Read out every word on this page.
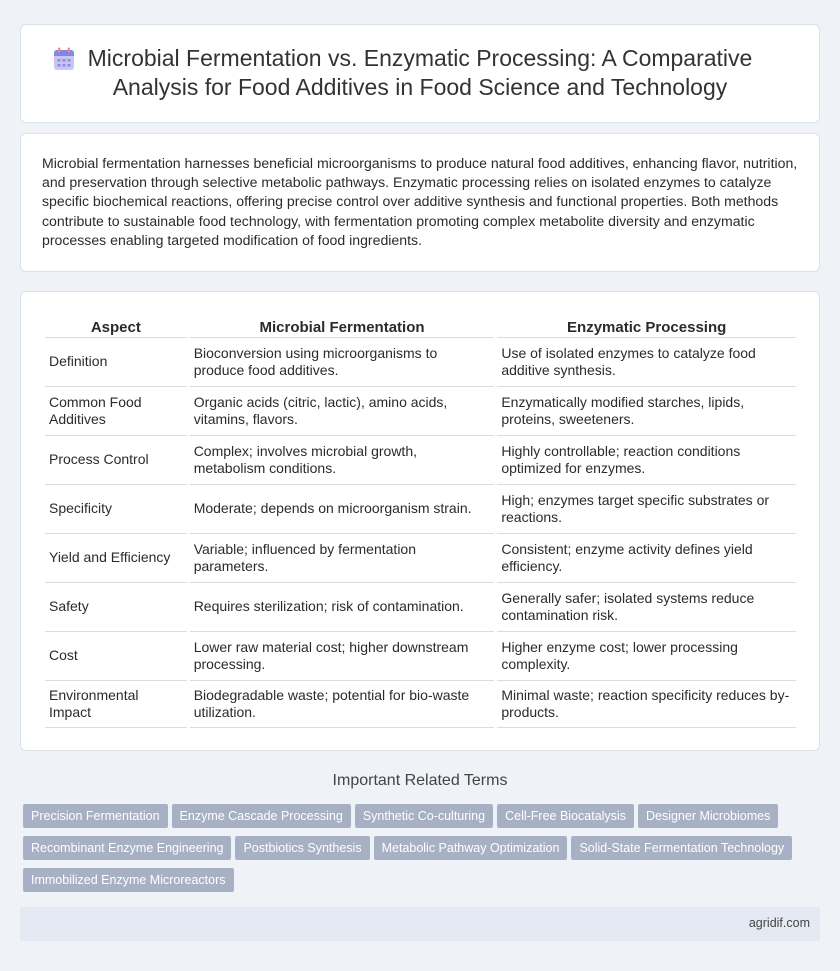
Microbial Fermentation vs. Enzymatic Processing: A Comparative
Analysis for Food Additives in Food Science and Technology

Microbial fermentation harnesses beneficial microorganisms to produce natural food additives, enhancing flavor, nutrition, and preservation through selective metabolic pathways. Enzymatic processing relies on isolated enzymes to catalyze specific biochemical reactions, offering precise control over additive synthesis and functional properties. Both methods contribute to sustainable food technology, with fermentation promoting complex metabolite diversity and enzymatic processes enabling targeted modification of food ingredients.

Aspect	Microbial Fermentation	Enzymatic Processing
Definition	Bioconversion using microorganisms to produce food additives.	Use of isolated enzymes to catalyze food additive synthesis.
Common Food Additives	Organic acids (citric, lactic), amino acids, vitamins, flavors.	Enzymatically modified starches, lipids, proteins, sweeteners.
Process Control	Complex; involves microbial growth, metabolism conditions.	Highly controllable; reaction conditions optimized for enzymes.
Specificity	Moderate; depends on microorganism strain.	High; enzymes target specific substrates or reactions.
Yield and Efficiency	Variable; influenced by fermentation parameters.	Consistent; enzyme activity defines yield efficiency.
Safety	Requires sterilization; risk of contamination.	Generally safer; isolated systems reduce contamination risk.
Cost	Lower raw material cost; higher downstream processing.	Higher enzyme cost; lower processing complexity.
Environmental Impact	Biodegradable waste; potential for bio-waste utilization.	Minimal waste; reaction specificity reduces by-products.
Important Related Terms
Precision Fermentation Enzyme Cascade Processing Synthetic Co-culturing Cell-Free Biocatalysis Designer Microbiomes
Recombinant Enzyme Engineering Postbiotics Synthesis Metabolic Pathway Optimization Solid-State Fermentation Technology
Immobilized Enzyme Microreactors
agridif.com
